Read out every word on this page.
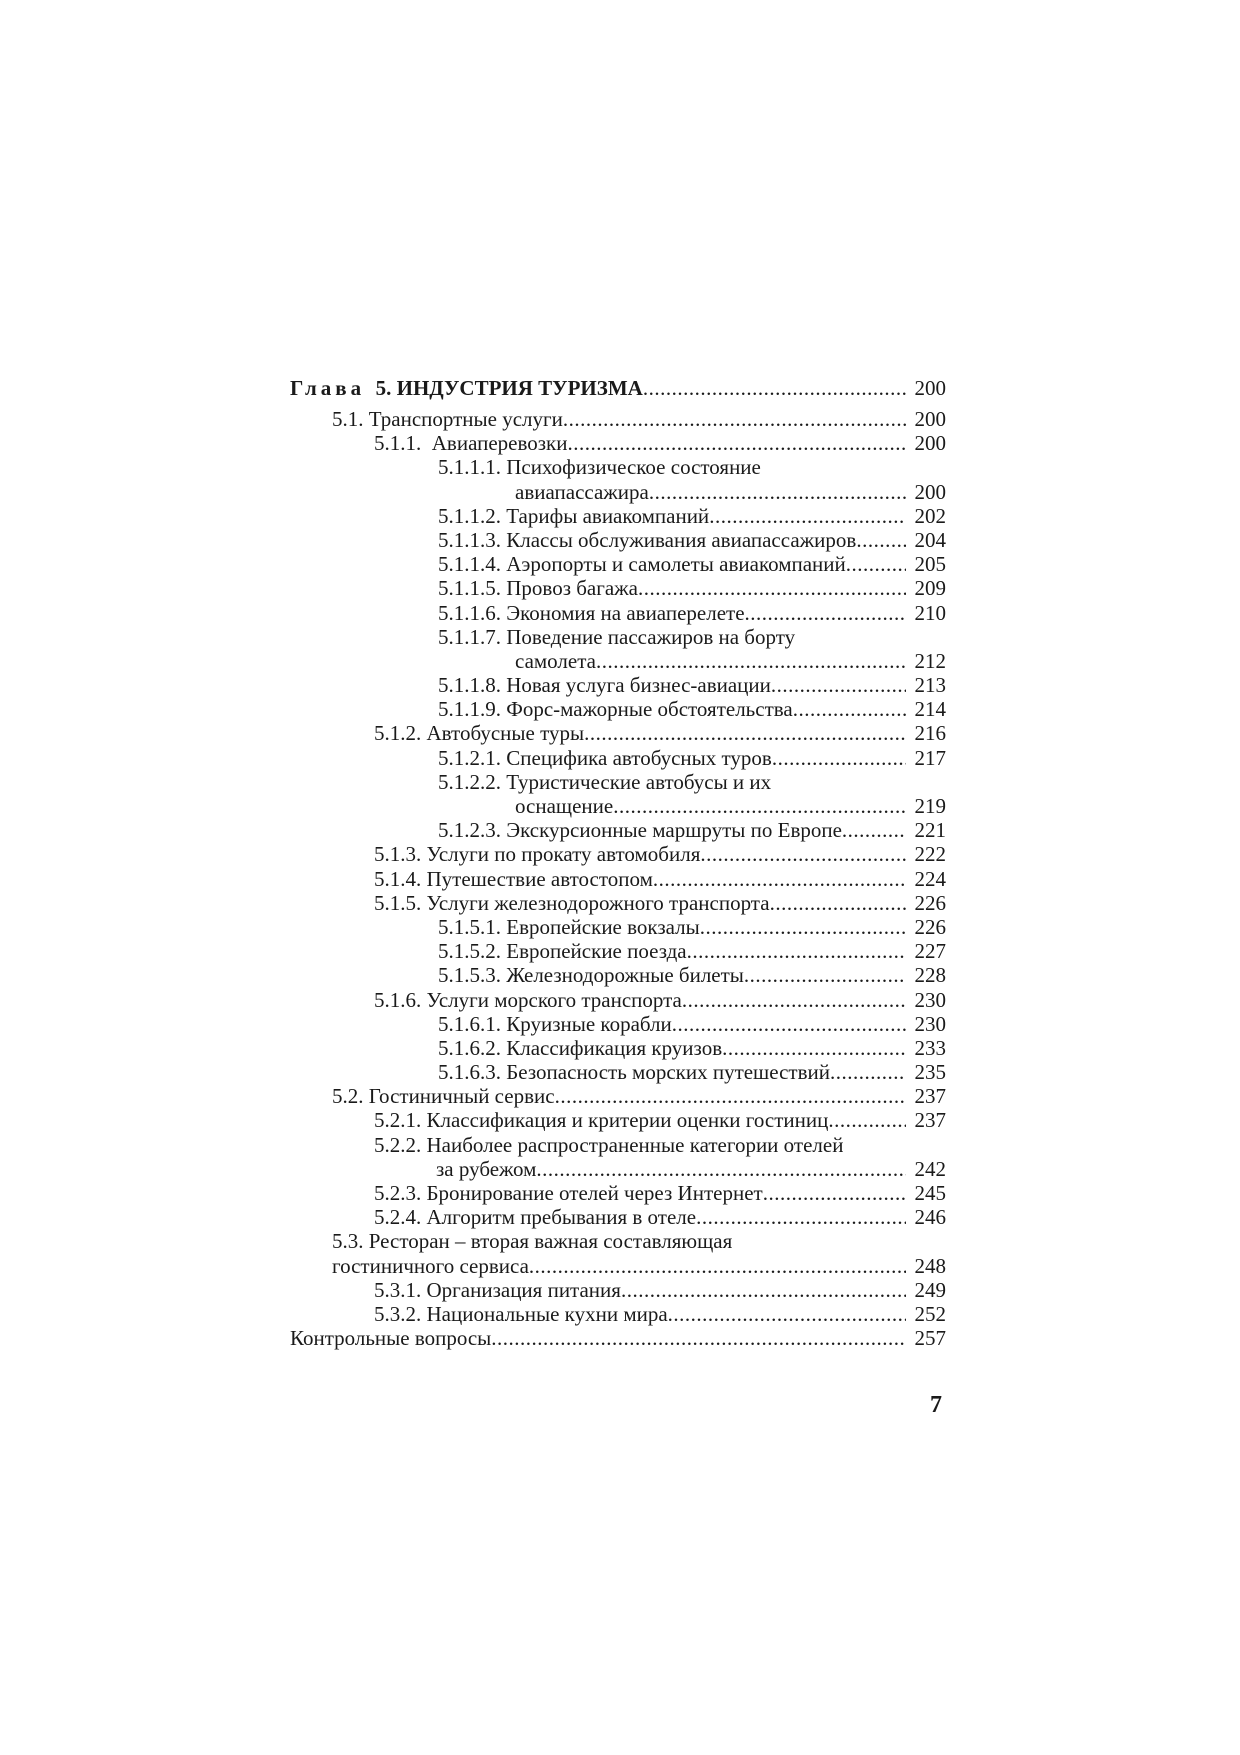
Глава 5. ИНДУСТРИЯ ТУРИЗМА .....	200
5.1. Транспортные услуги .....	200
5.1.1. Авиаперевозки .....	200
5.1.1.1. Психофизическое состояние
авиапассажира .....	200
5.1.1.2. Тарифы авиакомпаний .....	202
5.1.1.3. Классы обслуживания авиапассажиров .....	204
5.1.1.4. Аэропорты и самолеты авиакомпаний .....	205
5.1.1.5. Провоз багажа .....	209
5.1.1.6. Экономия на авиаперелете .....	210
5.1.1.7. Поведение пассажиров на борту
самолета .....	212
5.1.1.8. Новая услуга бизнес-авиации .....	213
5.1.1.9. Форс-мажорные обстоятельства .....	214
5.1.2. Автобусные туры .....	216
5.1.2.1. Специфика автобусных туров .....	217
5.1.2.2. Туристические автобусы и их
оснащение .....	219
5.1.2.3. Экскурсионные маршруты по Европе .....	221
5.1.3. Услуги по прокату автомобиля .....	222
5.1.4. Путешествие автостопом .....	224
5.1.5. Услуги железнодорожного транспорта .....	226
5.1.5.1. Европейские вокзалы .....	226
5.1.5.2. Европейские поезда .....	227
5.1.5.3. Железнодорожные билеты .....	228
5.1.6. Услуги морского транспорта .....	230
5.1.6.1. Круизные корабли .....	230
5.1.6.2. Классификация круизов .....	233
5.1.6.3. Безопасность морских путешествий .....	235
5.2. Гостиничный сервис .....	237
5.2.1. Классификация и критерии оценки гостиниц .....	237
5.2.2. Наиболее распространенные категории отелей
за рубежом .....	242
5.2.3. Бронирование отелей через Интернет .....	245
5.2.4. Алгоритм пребывания в отеле .....	246
5.3. Ресторан – вторая важная составляющая
гостиничного сервиса .....	248
5.3.1. Организация питания .....	249
5.3.2. Национальные кухни мира .....	252
Контрольные вопросы .....	257
7
